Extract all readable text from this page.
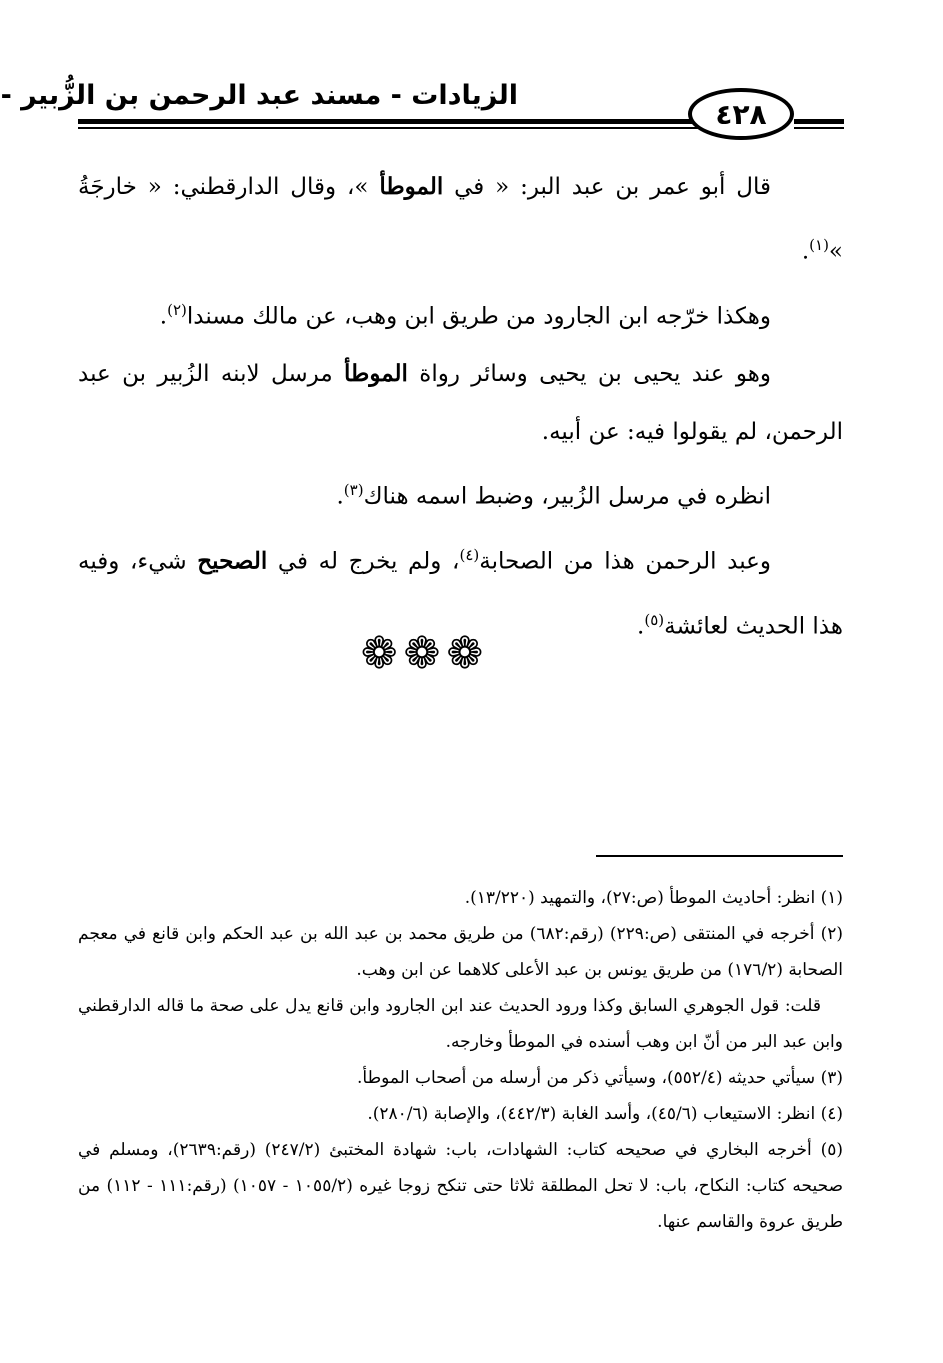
الزيادات - مسند عبد الرحمن بن الزُّبير -
٤٢٨

قال أبو عمر بن عبد البر: « في الموطأ »، وقال الدارقطني: « خارجَةُ »$^{(١)}$.

وهكذا خرّجه ابن الجارود من طريق ابن وهب، عن مالك مسندا$^{(٢)}$.

وهو عند يحيى بن يحيى وسائر رواة الموطأ مرسل لابنه الزُبير بن عبد الرحمن، لم يقولوا فيه: عن أبيه.

انظره في مرسل الزُبير، وضبط اسمه هناك$^{(٣)}$.

وعبد الرحمن هذا من الصحابة$^{(٤)}$، ولم يخرج له في الصحيح شيء، وفيه هذا الحديث لعائشة$^{(٥)}$.

❁❁❁

(١) انظر: أحاديث الموطأ (ص:٢٧)، والتمهيد (١٣/٢٢٠).

(٢) أخرجه في المنتقى (ص:٢٢٩) (رقم:٦٨٢) من طريق محمد بن عبد الله بن عبد الحكم وابن قانع في معجم الصحابة (١٧٦/٢) من طريق يونس بن عبد الأعلى كلاهما عن ابن وهب.

قلت: قول الجوهري السابق وكذا ورود الحديث عند ابن الجارود وابن قانع يدل على صحة ما قاله الدارقطني وابن عبد البر من أنّ ابن وهب أسنده في الموطأ وخارجه.

(٣) سيأتي حديثه (٥٥٢/٤)، وسيأتي ذكر من أرسله من أصحاب الموطأ.

(٤) انظر: الاستيعاب (٤٥/٦)، وأسد الغابة (٤٤٢/٣)، والإصابة (٢٨٠/٦).

(٥) أخرجه البخاري في صحيحه كتاب: الشهادات، باب: شهادة المختبئ (٢٤٧/٢) (رقم:٢٦٣٩)، ومسلم في صحيحه كتاب: النكاح، باب: لا تحل المطلقة ثلاثا حتى تنكح زوجا غيره (١٠٥٥/٢ - ١٠٥٧) (رقم:١١١ - ١١٢) من طريق عروة والقاسم عنها.
